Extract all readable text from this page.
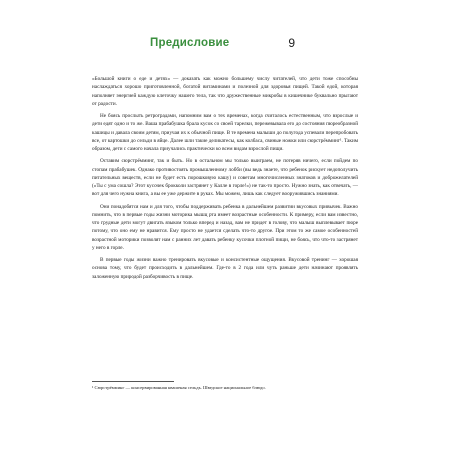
Предисловие	9

«Большой книги о еде и детях» — доказать как можно большему числу читателей, что дети тоже способны наслаждаться хорошо приготовленной, богатой витаминами и полезной для здоровья пищей. Такой едой, которая наполняет энергией каждую клеточку нашего тела, так что дружественные микробы в кишечнике буквально прыгают от радости.

Не боясь прослыть ретроградами, напомним вам о тех временах, когда считалось естественным, что взрослые и дети едят одно и то же. Ваша прабабушка брала кусок со своей тарелки, пережевывала его до состояния пюреобразной кашицы и давала своим детям, приучая их к обычной пище. В те времена малыши до полугода успевали перепробовать все, от картошки до сельди в яйце. Далее шли такие деликатесы, как колбаса, свиные ножки или сюрстрёмминг¹. Таким образом, дети с самого начала приучались практически ко всем видам взрослой пищи.

Оставим сюрстрёмминг, так и быть. Но в остальном мы только выиграем, не потеряв ничего, если пойдем по стопам прабабушек. Однако противостоять промышленному лобби (вы ведь знаете, что ребенок рискует недополучить питательных веществ, если не будет есть порошковую кашу) и советам многочисленных знатоков и доброжелателей («Ты с ума сошла? Этот кусочек брокколи застрянет у Калле в горле!») не так-то просто. Нужно знать, как отвечать, — вот для чего нужна книга, а вы ее уже держите в руках. Мы можем, лишь как следует вооружившись знаниями.

Они понадобятся нам и для того, чтобы поддерживать ребенка в дальнейшем развитии вкусовых привычек. Важно помнить, что в первые годы жизни моторика мышц рта имеет возрастные особенности. К примеру, если вам известно, что грудные дети могут двигать языком только вперед и назад, вам не придет в голову, что малыш выплевывает пюре потому, что оно ему не нравится. Ему просто не удается сделать что-то другое. При этом то же самое особенностей возрастной моторики позволят нам с ранних лет давать ребенку кусочки плотной пищи, не боясь, что что-то застрянет у него в горле.

В первые годы жизни важно тренировать вкусовые и консистентные ощущения. Вкусовой тренинг — хорошая основа тому, что будет происходить в дальнейшем. Где-то в 2 года или чуть раньше дети начинают проявлять заложенную природой разборчивость в пище.

¹ Сюрстрёмминг — консервированная квашеная сельдь. Шведское национальное блюдо.
